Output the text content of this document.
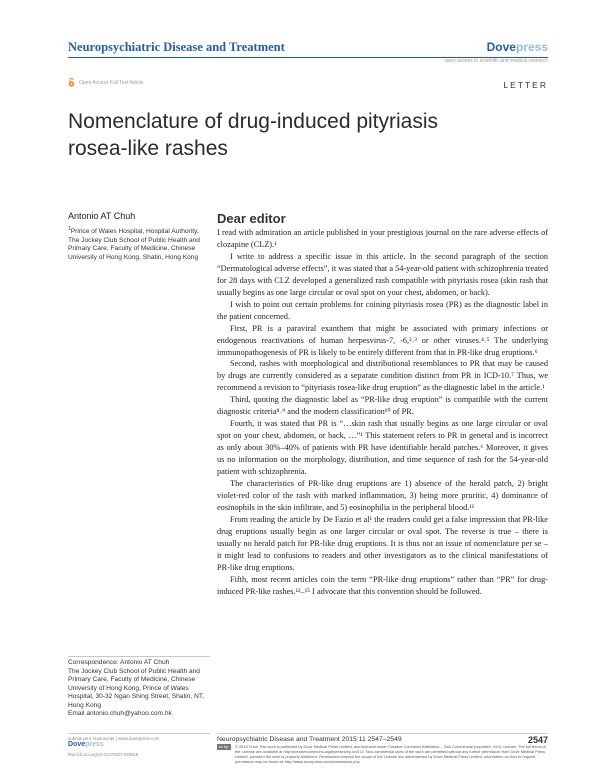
Neuropsychiatric Disease and Treatment	Dovepress
open access to scientific and medical research
Open Access Full Text Article	LETTER
Nomenclature of drug-induced pityriasis rosea-like rashes
Antonio AT Chuh
$^1$Prince of Wales Hospital, Hospital Authority, The Jockey Club School of Public Health and Primary Care, Faculty of Medicine, Chinese University of Hong Kong, Shatin, Hong Kong
Correspondence: Antonio AT Chuh
The Jockey Club School of Public Health and Primary Care, Faculty of Medicine, Chinese University of Hong Kong, Prince of Wales Hospital, 30-32 Ngan Shing Street, Shatin, NT, Hong Kong
Email antonio.chuh@yahoo.com.hk
Dear editor

I read with admiration an article published in your prestigious journal on the rare adverse effects of clozapine (CLZ).¹

I write to address a specific issue in this article. In the second paragraph of the section “Dermatological adverse effects”, it was stated that a 54-year-old patient with schizophrenia treated for 28 days with CLZ developed a generalized rash compatible with pityriasis rosea (skin rash that usually begins as one large circular or oval spot on your chest, abdomen, or back).

I wish to point out certain problems for coining pityriasis rosea (PR) as the diagnostic label in the patient concerned.

First, PR is a paraviral exanthem that might be associated with primary infections or endogenous reactivations of human herpesvirus-7, -6,²˒³ or other viruses.⁴˒⁵ The underlying immunopathogenesis of PR is likely to be entirely different from that in PR-like drug eruptions.⁶

Second, rashes with morphological and distributional resemblances to PR that may be caused by drugs are currently considered as a separate condition distinct from PR in ICD-10.⁷ Thus, we recommend a revision to “pityriasis rosea-like drug eruption” as the diagnostic label in the article.¹

Third, quoting the diagnostic label as “PR-like drug eruption” is compatible with the current diagnostic criteria⁸˒⁹ and the modern classification¹⁰ of PR.

Fourth, it was stated that PR is “…skin rash that usually begins as one large circular or oval spot on your chest, abdomen, or back, …”¹ This statement refers to PR in general and is incorrect as only about 30%–40% of patients with PR have identifiable herald patches.⁶ Moreover, it gives us no information on the morphology, distribution, and time sequence of rash for the 54-year-old patient with schizophrenia.

The characteristics of PR-like drug eruptions are 1) absence of the herald patch, 2) bright violet-red color of the rash with marked inflammation, 3) being more pruritic, 4) dominance of eosinophils in the skin infiltrate, and 5) eosinophilia in the peripheral blood.¹¹

From reading the article by De Fazio et al¹ the readers could get a false impression that PR-like drug eruptions usually begin as one larger circular or oval spot. The reverse is true – there is usually no herald patch for PR-like drug eruptions. It is thus not an issue of nomenclature per se – it might lead to confusions to readers and other investigators as to the clinical manifestations of PR-like drug eruptions.

Fifth, most recent articles coin the term “PR-like drug eruptions” rather than “PR” for drug-induced PR-like rashes.¹²–¹⁵ I advocate that this convention should be followed.

submit your manuscript | www.dovepress.com
Dovepress
http://dx.doi.org/10.2147/NDT.S93518
Neuropsychiatric Disease and Treatment 2015:11 2547–2549	2547
cc by-nc
© 2015 Chuh This work is published by Dove Medical Press Limited, and licensed under Creative Commons Attribution – Non Commercial (unported, v3.0) License. The full terms of the License are available at http://creativecommons.org/licenses/by-nc/3.0/. Non-commercial uses of the work are permitted without any further permission from Dove Medical Press Limited, provided the work is properly attributed. Permissions beyond the scope of the License are administered by Dove Medical Press Limited. Information on how to request permission may be found at: http://www.dovepress.com/permissions.php
